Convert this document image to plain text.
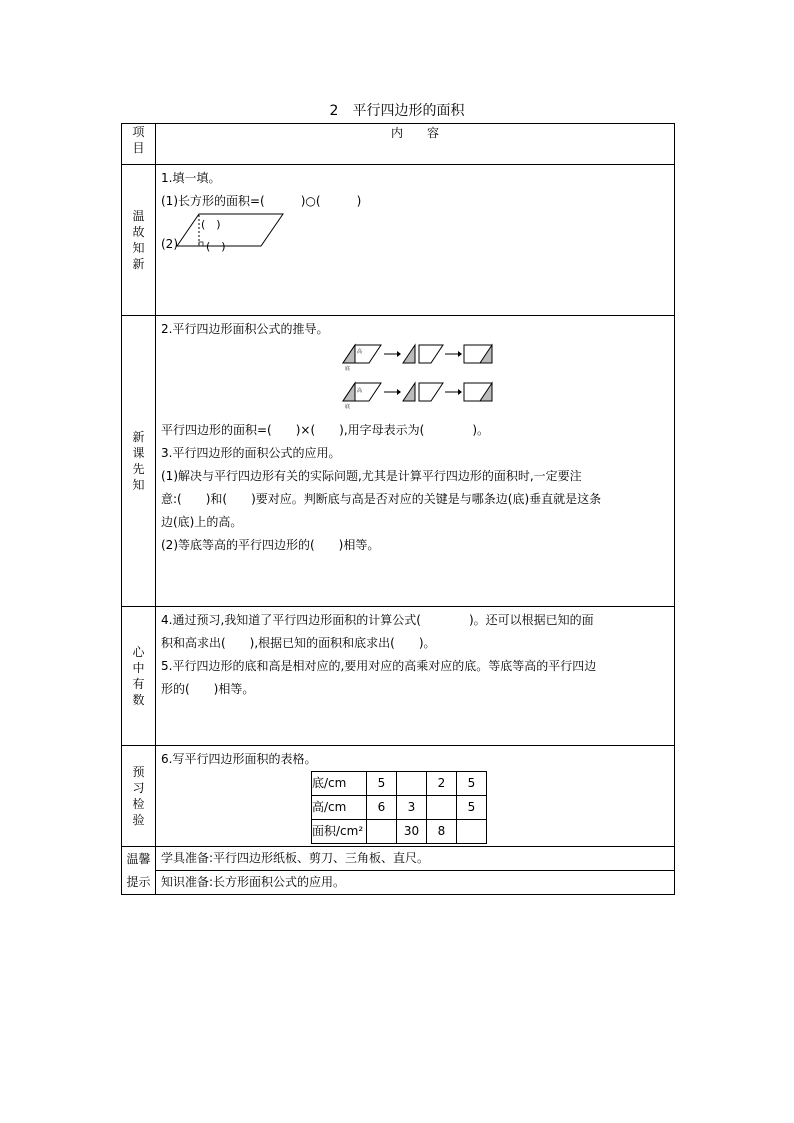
2　平行四边形的面积
项目	内　　容
温故知新	

1.填一填。

(1)长方形的面积=(　　　)○(　　　)

(2)
(　)
(　)

新课先知	

2.平行四边形面积公式的推导。

高
底
高
底

平行四边形的面积=(　　)×(　　),用字母表示为(　　　　)。

3.平行四边形的面积公式的应用。

(1)解决与平行四边形有关的实际问题,尤其是计算平行四边形的面积时,一定要注

意:(　　)和(　　)要对应。判断底与高是否对应的关键是与哪条边(底)垂直就是这条

边(底)上的高。

(2)等底等高的平行四边形的(　　)相等。

心中有数	

4.通过预习,我知道了平行四边形面积的计算公式(　　　　)。还可以根据已知的面

积和高求出(　　),根据已知的面积和底求出(　　)。

5.平行四边形的底和高是相对应的,要用对应的高乘对应的底。等底等高的平行四边

形的(　　)相等。

预习检验	

6.写平行四边形面积的表格。

底/cm	5		2	5
高/cm	6	3		5
面积/cm²		30	8	

温馨提示	学具准备:平行四边形纸板、剪刀、三角板、直尺。
知识准备:长方形面积公式的应用。
